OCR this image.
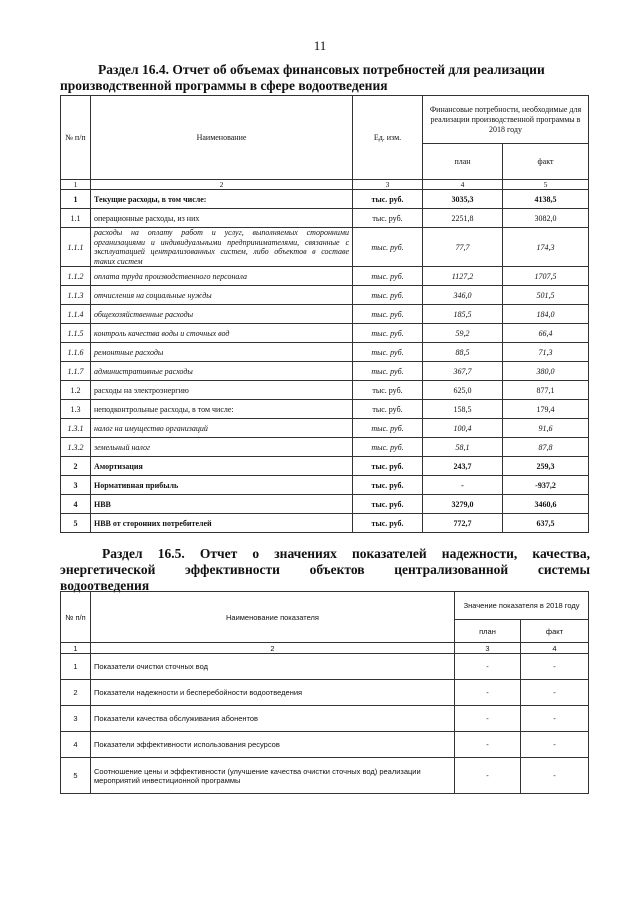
11
Раздел 16.4. Отчет об объемах финансовых потребностей для реализации
производственной программы в сфере водоотведения
№ п/п	Наименование	Ед. изм.	Финансовые потребности, необходимые для реализации производственной программы в 2018 году	
			план	факт
1	2	3	4	5
1	Текущие расходы, в том числе:	тыс. руб.	3035,3	4138,5
1.1	операционные расходы, из них	тыс. руб.	2251,8	3082,0
1.1.1	расходы на оплату работ и услуг, выполняемых сторонними организациями и индивидуальными предпринимателями, связанные с эксплуатацией централизованных систем, либо объектов в составе таких систем	тыс. руб.	77,7	174,3
1.1.2	оплата труда производственного персонала	тыс. руб.	1127,2	1707,5
1.1.3	отчисления на социальные нужды	тыс. руб.	346,0	501,5
1.1.4	общехозяйственные расходы	тыс. руб.	185,5	184,0
1.1.5	контроль качества воды и сточных вод	тыс. руб.	59,2	66,4
1.1.6	ремонтные расходы	тыс. руб.	88,5	71,3
1.1.7	административные расходы	тыс. руб.	367,7	380,0
1.2	расходы на электроэнергию	тыс. руб.	625,0	877,1
1.3	неподконтрольные расходы, в том числе:	тыс. руб.	158,5	179,4
1.3.1	налог на имущество организаций	тыс. руб.	100,4	91,6
1.3.2	земельный налог	тыс. руб.	58,1	87,8
2	Амортизация	тыс. руб.	243,7	259,3
3	Нормативная прибыль	тыс. руб.	-	-937,2
4	НВВ	тыс. руб.	3279,0	3460,6
5	НВВ от сторонних потребителей	тыс. руб.	772,7	637,5
Раздел 16.5. Отчет о значениях показателей надежности, качества,
энергетической эффективности объектов централизованной системы
водоотведения
№ п/п	Наименование показателя	Значение показателя в 2018 году	
		план	факт
1	2	3	4
1	Показатели очистки сточных вод	-	-
2	Показатели надежности и бесперебойности водоотведения	-	-
3	Показатели качества обслуживания абонентов	-	-
4	Показатели эффективности использования ресурсов	-	-
5	Соотношение цены и эффективности (улучшение качества очистки сточных вод) реализации мероприятий инвестиционной программы	-	-
